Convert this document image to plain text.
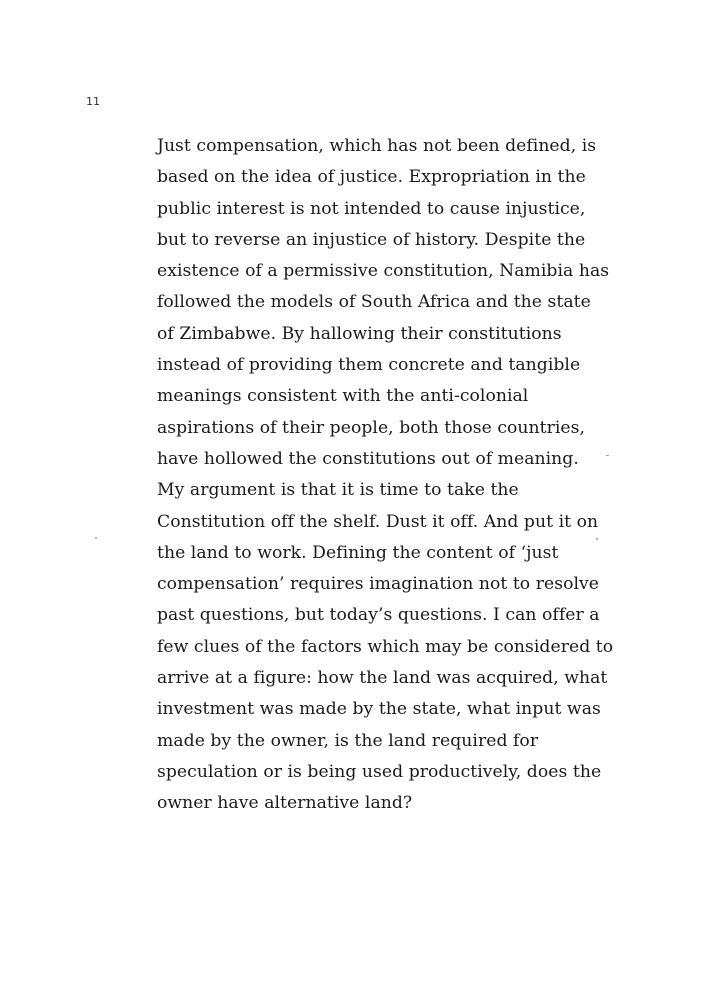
11
Just compensation, which has not been defined, is
based on the idea of justice. Expropriation in the
public interest is not intended to cause injustice,
but to reverse an injustice of history. Despite the
existence of a permissive constitution, Namibia has
followed the models of South Africa and the state
of Zimbabwe. By hallowing their constitutions
instead of providing them concrete and tangible
meanings consistent with the anti-colonial
aspirations of their people, both those countries,
have hollowed the constitutions out of meaning.
My argument is that it is time to take the
Constitution off the shelf. Dust it off. And put it on
the land to work. Defining the content of ‘just
compensation’ requires imagination not to resolve
past questions, but today’s questions. I can offer a
few clues of the factors which may be considered to
arrive at a figure: how the land was acquired, what
investment was made by the state, what input was
made by the owner, is the land required for
speculation or is being used productively, does the
owner have alternative land?
